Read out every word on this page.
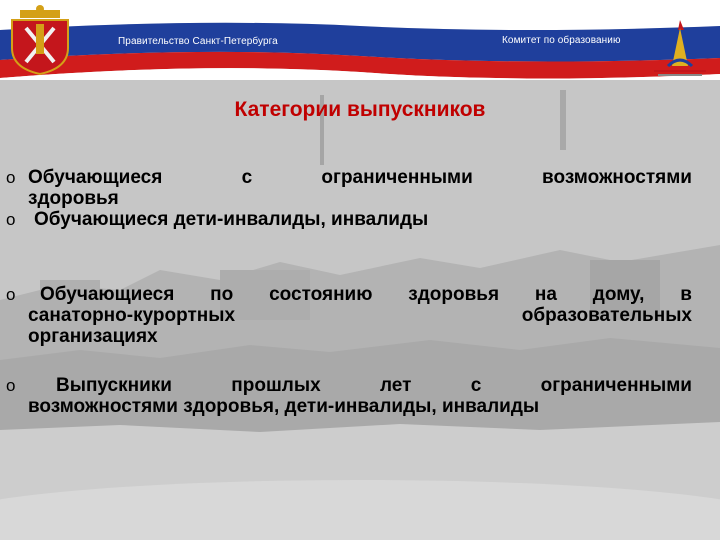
Правительство Санкт-Петербурга	Комитет по образованию
Категории выпускников
o Обучающиеся	с	ограниченными	возможностями
здоровья
o Обучающиеся дети-инвалиды, инвалиды
o Обучающиеся по состоянию здоровья на дому, в
санаторно-курортных	образовательных
организациях
o Выпускники	прошлых	лет	с	ограниченными
возможностями здоровья, дети-инвалиды, инвалиды
